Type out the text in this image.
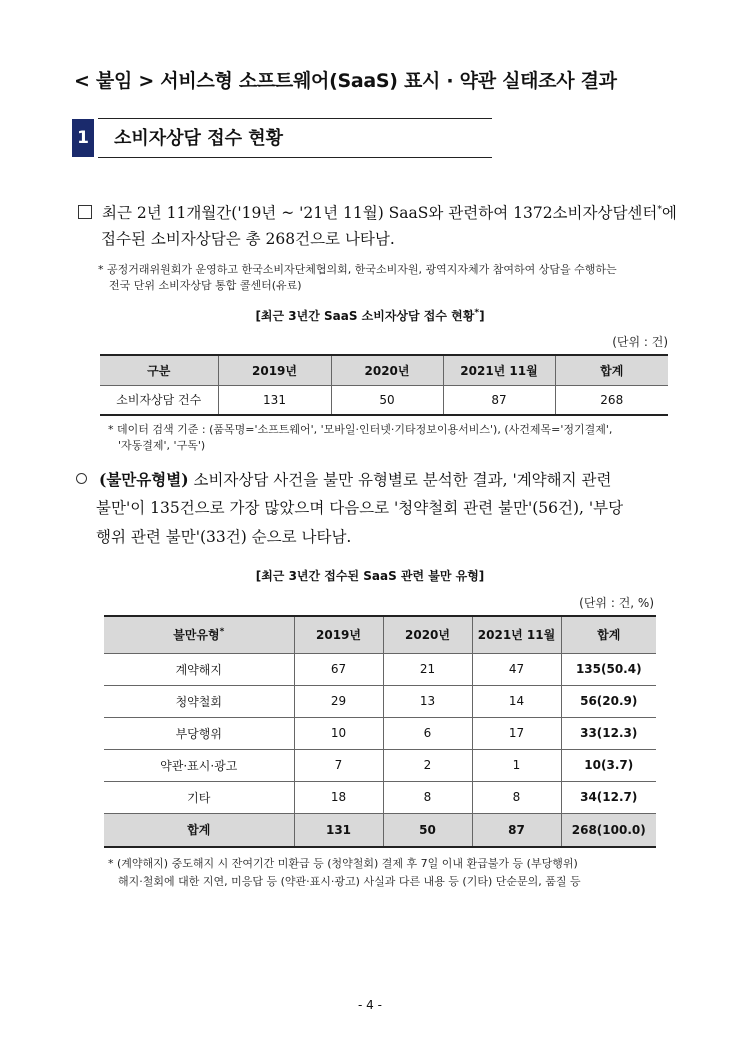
< 붙임 > 서비스형 소프트웨어(SaaS) 표시 · 약관 실태조사 결과
1 소비자상담 접수 현황
최근 2년 11개월간('19년 ~ '21년 11월) SaaS와 관련하여 1372소비자상담센터*에
접수된 소비자상담은 총 268건으로 나타남.
* 공정거래위원회가 운영하고 한국소비자단체협의회, 한국소비자원, 광역지자체가 참여하여 상담을 수행하는
전국 단위 소비자상담 통합 콜센터(유료)
[최근 3년간 SaaS 소비자상담 접수 현황*]
(단위 : 건)
구분	2019년	2020년	2021년 11월	합계
소비자상담 건수	131	50	87	268
* 데이터 검색 기준 : (품목명='소프트웨어', '모바일·인터넷·기타정보이용서비스'), (사건제목='정기결제',
'자동결제', '구독')
(불만유형별) 소비자상담 사건을 불만 유형별로 분석한 결과, '계약해지 관련
불만'이 135건으로 가장 많았으며 다음으로 '청약철회 관련 불만'(56건), '부당
행위 관련 불만'(33건) 순으로 나타남.
[최근 3년간 접수된 SaaS 관련 불만 유형]
(단위 : 건, %)
불만유형*	2019년	2020년	2021년 11월	합계
계약해지	67	21	47	135(50.4)
청약철회	29	13	14	56(20.9)
부당행위	10	6	17	33(12.3)
약관·표시·광고	7	2	1	10(3.7)
기타	18	8	8	34(12.7)
합계	131	50	87	268(100.0)
* (계약해지) 중도해지 시 잔여기간 미환급 등 (청약철회) 결제 후 7일 이내 환급불가 등 (부당행위)
해지·철회에 대한 지연, 미응답 등 (약관·표시·광고) 사실과 다른 내용 등 (기타) 단순문의, 품질 등
- 4 -
